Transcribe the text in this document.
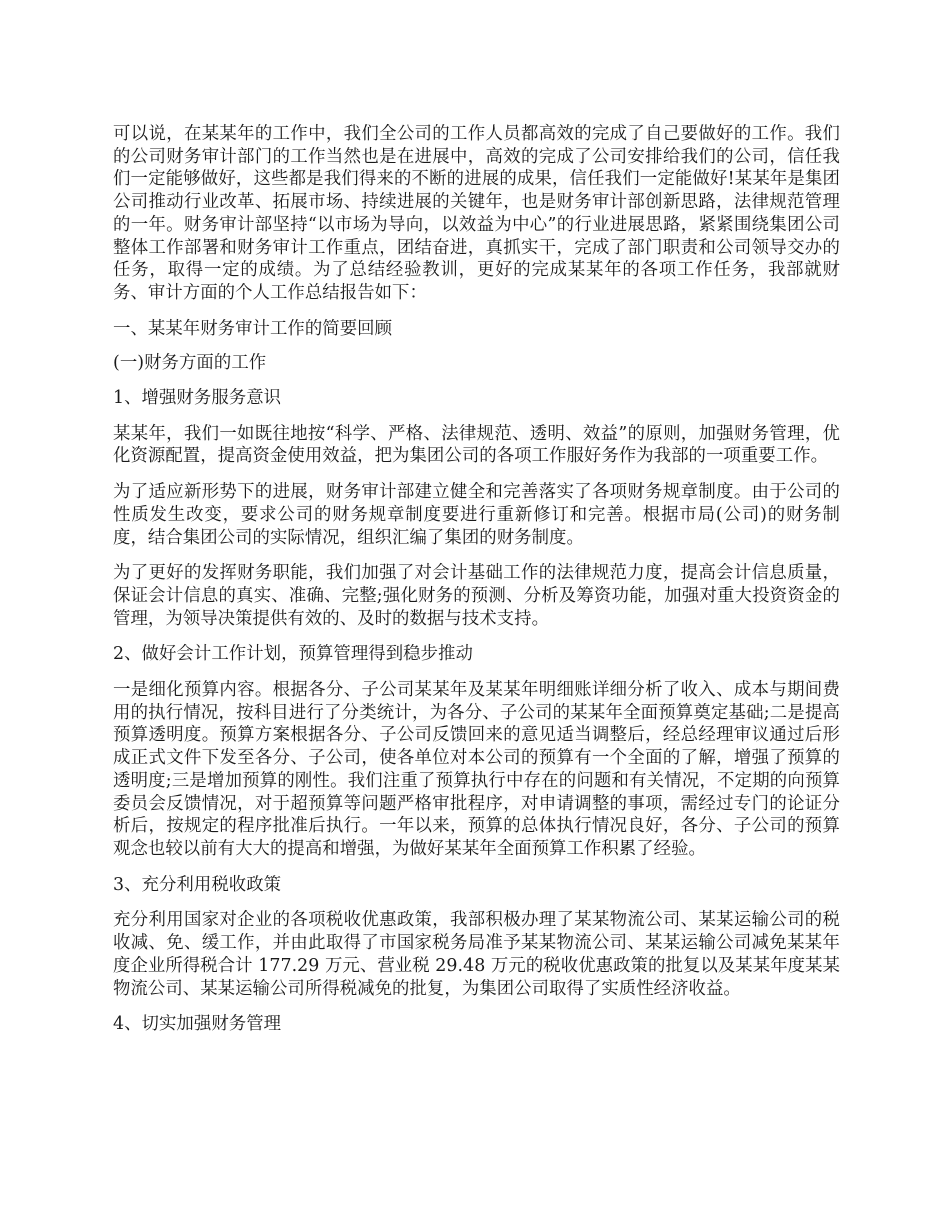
可以说，在某某年的工作中，我们全公司的工作人员都高效的完成了自己要做好的工作。我们的公司财务审计部门的工作当然也是在进展中，高效的完成了公司安排给我们的公司，信任我们一定能够做好，这些都是我们得来的不断的进展的成果，信任我们一定能做好!某某年是集团公司推动行业改革、拓展市场、持续进展的关键年，也是财务审计部创新思路，法律规范管理的一年。财务审计部坚持“以市场为导向，以效益为中心”的行业进展思路，紧紧围绕集团公司整体工作部署和财务审计工作重点，团结奋进，真抓实干，完成了部门职责和公司领导交办的任务，取得一定的成绩。为了总结经验教训，更好的完成某某年的各项工作任务，我部就财务、审计方面的个人工作总结报告如下：

一、某某年财务审计工作的简要回顾

(一)财务方面的工作

1、增强财务服务意识

某某年，我们一如既往地按“科学、严格、法律规范、透明、效益”的原则，加强财务管理，优化资源配置，提高资金使用效益，把为集团公司的各项工作服好务作为我部的一项重要工作。

为了适应新形势下的进展，财务审计部建立健全和完善落实了各项财务规章制度。由于公司的性质发生改变，要求公司的财务规章制度要进行重新修订和完善。根据市局(公司)的财务制度，结合集团公司的实际情况，组织汇编了集团的财务制度。

为了更好的发挥财务职能，我们加强了对会计基础工作的法律规范力度，提高会计信息质量，保证会计信息的真实、准确、完整;强化财务的预测、分析及筹资功能，加强对重大投资资金的管理，为领导决策提供有效的、及时的数据与技术支持。

2、做好会计工作计划，预算管理得到稳步推动

一是细化预算内容。根据各分、子公司某某年及某某年明细账详细分析了收入、成本与期间费用的执行情况，按科目进行了分类统计，为各分、子公司的某某年全面预算奠定基础;二是提高预算透明度。预算方案根据各分、子公司反馈回来的意见适当调整后，经总经理审议通过后形成正式文件下发至各分、子公司，使各单位对本公司的预算有一个全面的了解，增强了预算的透明度;三是增加预算的刚性。我们注重了预算执行中存在的问题和有关情况，不定期的向预算委员会反馈情况，对于超预算等问题严格审批程序，对申请调整的事项，需经过专门的论证分析后，按规定的程序批准后执行。一年以来，预算的总体执行情况良好，各分、子公司的预算观念也较以前有大大的提高和增强，为做好某某年全面预算工作积累了经验。

3、充分利用税收政策

充分利用国家对企业的各项税收优惠政策，我部积极办理了某某物流公司、某某运输公司的税收减、免、缓工作，并由此取得了市国家税务局准予某某物流公司、某某运输公司减免某某年度企业所得税合计 177.29 万元、营业税 29.48 万元的税收优惠政策的批复以及某某年度某某物流公司、某某运输公司所得税减免的批复，为集团公司取得了实质性经济收益。

4、切实加强财务管理
